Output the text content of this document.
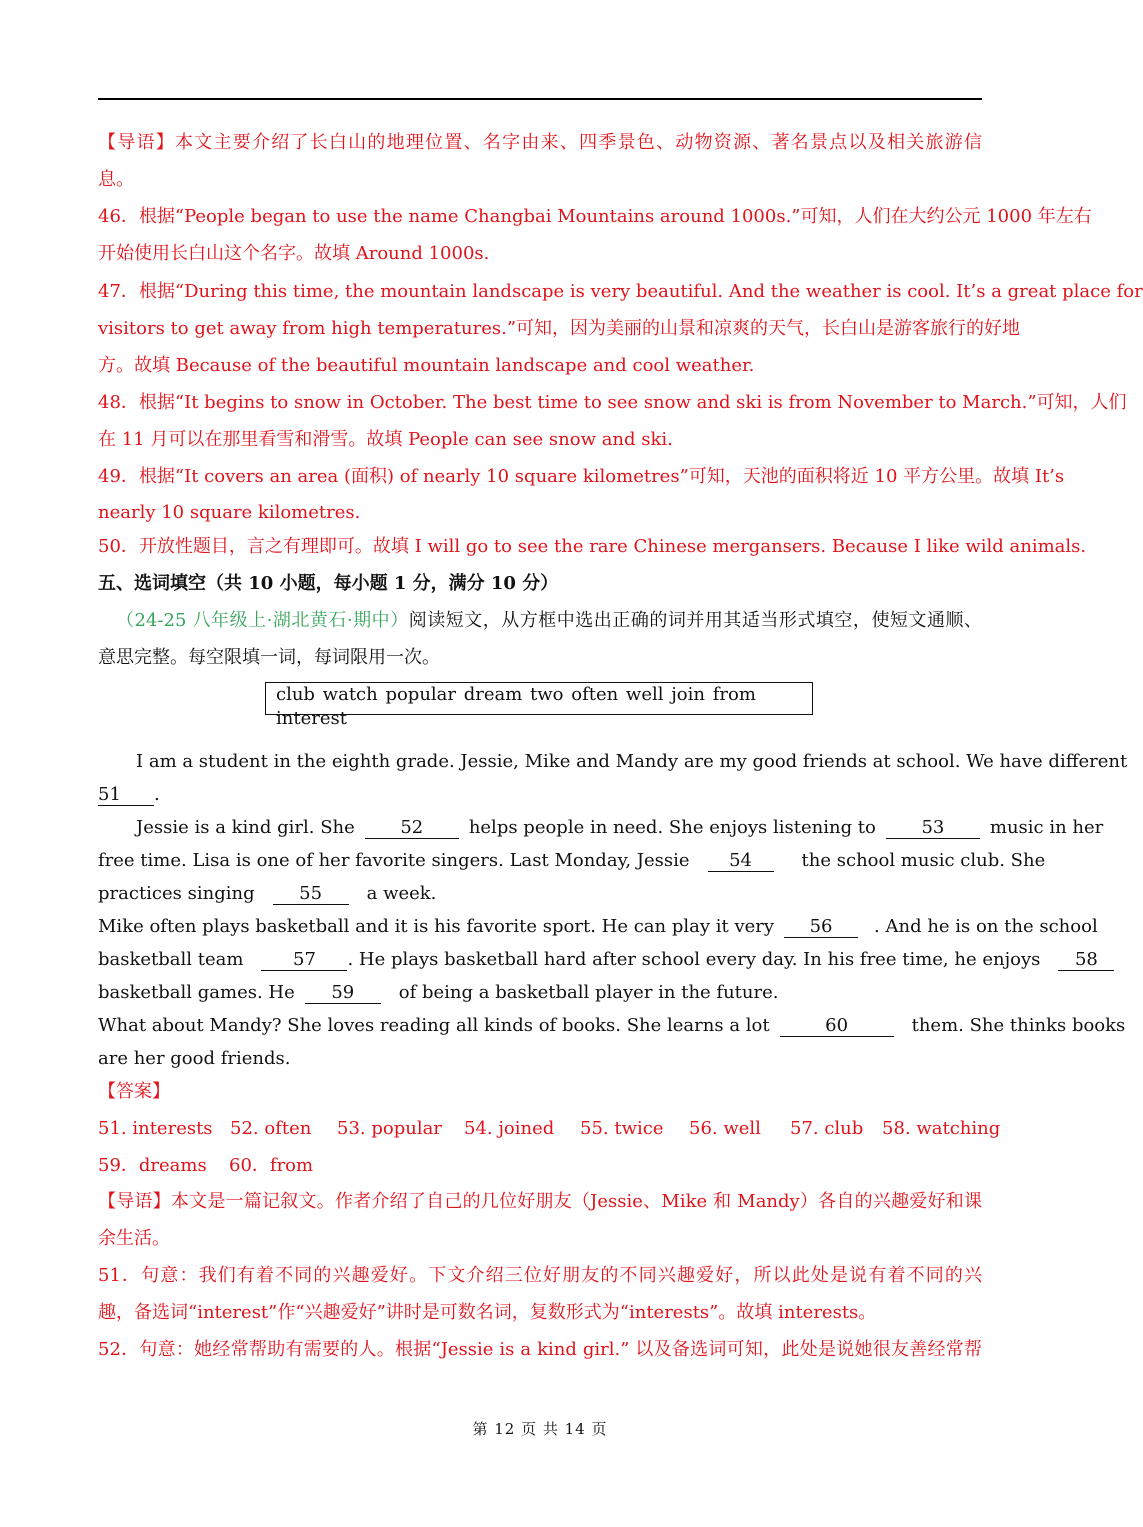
【导语】本文主要介绍了长白山的地理位置、名字由来、四季景色、动物资源、著名景点以及相关旅游信
息。
46．根据“People began to use the name Changbai Mountains around 1000s.”可知，人们在大约公元 1000 年左右
开始使用长白山这个名字。故填 Around 1000s.
47．根据“During this time, the mountain landscape is very beautiful. And the weather is cool. It’s a great place for
visitors to get away from high temperatures.”可知，因为美丽的山景和凉爽的天气，长白山是游客旅行的好地
方。故填 Because of the beautiful mountain landscape and cool weather.
48．根据“It begins to snow in October. The best time to see snow and ski is from November to March.”可知，人们
在 11 月可以在那里看雪和滑雪。故填 People can see snow and ski.
49．根据“It covers an area (面积) of nearly 10 square kilometres”可知，天池的面积将近 10 平方公里。故填 It’s
nearly 10 square kilometres.
50．开放性题目，言之有理即可。故填 I will go to see the rare Chinese mergansers. Because I like wild animals.
五、选词填空（共 10 小题，每小题 1 分，满分 10 分）
（24-25 八年级上·湖北黄石·期中）阅读短文，从方框中选出正确的词并用其适当形式填空，使短文通顺、
意思完整。每空限填一词，每词限用一次。
club watch popular dream two often well join from interest
I am a student in the eighth grade. Jessie, Mike and Mandy are my good friends at school. We have different
51 .
Jessie is a kind girl. She	52	helps people in need. She enjoys listening to	53	music in her
free time. Lisa is one of her favorite singers. Last Monday, Jessie 54	the school music club. She
practices singing 55 a week.
Mike often plays basketball and it is his favorite sport. He can play it very 56 . And he is on the school
basketball team	57 . He plays basketball hard after school every day. In his free time, he enjoys 58
basketball games. He 59 of being a basketball player in the future.
What about Mandy? She loves reading all kinds of books. She learns a lot	60	them. She thinks books
are her good friends.
【答案】
51. interests 52. often 53. popular 54. joined 55. twice 56. well 57. club 58. watching
59．dreams 60．from
【导语】本文是一篇记叙文。作者介绍了自己的几位好朋友（Jessie、Mike 和 Mandy）各自的兴趣爱好和课
余生活。
51．句意：我们有着不同的兴趣爱好。下文介绍三位好朋友的不同兴趣爱好，所以此处是说有着不同的兴
趣，备选词“interest”作“兴趣爱好”讲时是可数名词，复数形式为“interests”。故填 interests。
52．句意：她经常帮助有需要的人。根据“Jessie is a kind girl.” 以及备选词可知，此处是说她很友善经常帮
第 12 页 共 14 页
